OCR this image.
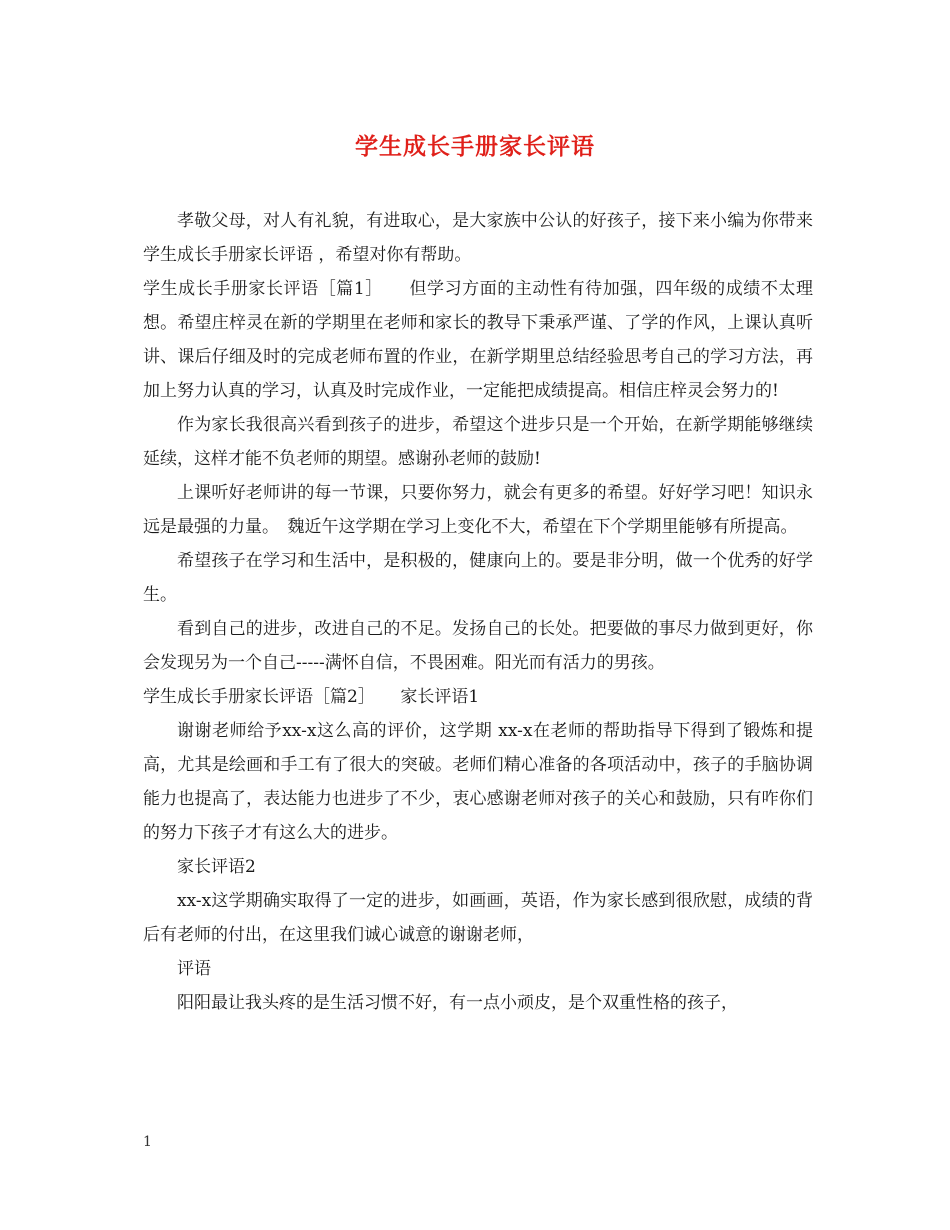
学生成长手册家长评语

孝敬父母，对人有礼貌，有进取心，是大家族中公认的好孩子，接下来小编为你带来学生成长手册家长评语 ，希望对你有帮助。

学生成长手册家长评语［篇1］　　但学习方面的主动性有待加强，四年级的成绩不太理想。希望庄梓灵在新的学期里在老师和家长的教导下秉承严谨、了学的作风，上课认真听讲、课后仔细及时的完成老师布置的作业，在新学期里总结经验思考自己的学习方法，再加上努力认真的学习，认真及时完成作业，一定能把成绩提高。相信庄梓灵会努力的!

作为家长我很高兴看到孩子的进步，希望这个进步只是一个开始，在新学期能够继续延续，这样才能不负老师的期望。感谢孙老师的鼓励!

上课听好老师讲的每一节课，只要你努力，就会有更多的希望。好好学习吧！知识永远是最强的力量。　魏近午这学期在学习上变化不大，希望在下个学期里能够有所提高。

希望孩子在学习和生活中，是积极的，健康向上的。要是非分明，做一个优秀的好学生。

看到自己的进步，改进自己的不足。发扬自己的长处。把要做的事尽力做到更好，你会发现另为一个自己-----满怀自信，不畏困难。阳光而有活力的男孩。

学生成长手册家长评语［篇2］　　家长评语1

谢谢老师给予xx-x这么高的评价，这学期 xx-x在老师的帮助指导下得到了锻炼和提高，尤其是绘画和手工有了很大的突破。老师们精心准备的各项活动中，孩子的手脑协调能力也提高了，表达能力也进步了不少，衷心感谢老师对孩子的关心和鼓励，只有咋你们的努力下孩子才有这么大的进步。

家长评语2

xx-x这学期确实取得了一定的进步，如画画，英语，作为家长感到很欣慰，成绩的背后有老师的付出，在这里我们诚心诚意的谢谢老师，

评语

阳阳最让我头疼的是生活习惯不好，有一点小顽皮，是个双重性格的孩子，

1
